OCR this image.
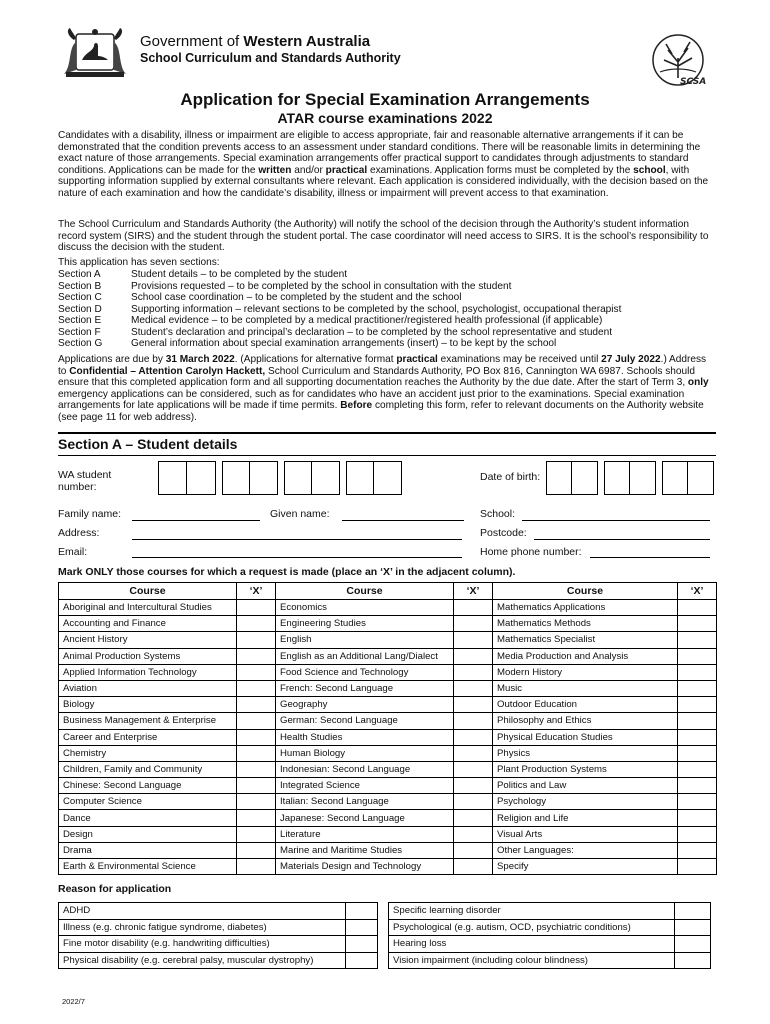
Government of Western Australia
School Curriculum and Standards Authority
SCSA
Application for Special Examination Arrangements
ATAR course examinations 2022

Candidates with a disability, illness or impairment are eligible to access appropriate, fair and reasonable alternative arrangements if it can be demonstrated that the condition prevents access to an assessment under standard conditions. There will be reasonable limits in determining the exact nature of those arrangements. Special examination arrangements offer practical support to candidates through adjustments to standard conditions. Applications can be made for the written and/or practical examinations. Application forms must be completed by the school, with supporting information supplied by external consultants where relevant. Each application is considered individually, with the decision based on the nature of each examination and how the candidate’s disability, illness or impairment will prevent access to that examination.

The School Curriculum and Standards Authority (the Authority) will notify the school of the decision through the Authority’s student information record system (SIRS) and the student through the student portal. The case coordinator will need access to SIRS. It is the school’s responsibility to discuss the decision with the student.
This application has seven sections:
Section A	Student details – to be completed by the student
Section B	Provisions requested – to be completed by the school in consultation with the student
Section C	School case coordination – to be completed by the student and the school
Section D	Supporting information – relevant sections to be completed by the school, psychologist, occupational therapist
Section E	Medical evidence – to be completed by a medical practitioner/registered health professional (if applicable)
Section F	Student’s declaration and principal’s declaration – to be completed by the school representative and student
Section G	General information about special examination arrangements (insert) – to be kept by the school

Applications are due by 31 March 2022. (Applications for alternative format practical examinations may be received until 27 July 2022.) Address to Confidential – Attention Carolyn Hackett, School Curriculum and Standards Authority, PO Box 816, Cannington WA 6987. Schools should ensure that this completed application form and all supporting documentation reaches the Authority by the due date. After the start of Term 3, only emergency applications can be considered, such as for candidates who have an accident just prior to the examinations. Special examination arrangements for late applications will be made if time permits. Before completing this form, refer to relevant documents on the Authority website (see page 11 for web address).

Section A – Student details
WA student
number:
Date of birth:
Family name:	Given name:	School:
Address:	Postcode:
Email:	Home phone number:
Mark ONLY those courses for which a request is made (place an ‘X’ in the adjacent column).
Course	‘X’	Course	‘X’	Course	‘X’
Aboriginal and Intercultural Studies		Economics		Mathematics Applications	
Accounting and Finance		Engineering Studies		Mathematics Methods	
Ancient History		English		Mathematics Specialist	
Animal Production Systems		English as an Additional Lang/Dialect		Media Production and Analysis	
Applied Information Technology		Food Science and Technology		Modern History	
Aviation		French: Second Language		Music	
Biology		Geography		Outdoor Education	
Business Management & Enterprise		German: Second Language		Philosophy and Ethics	
Career and Enterprise		Health Studies		Physical Education Studies	
Chemistry		Human Biology		Physics	
Children, Family and Community		Indonesian: Second Language		Plant Production Systems	
Chinese: Second Language		Integrated Science		Politics and Law	
Computer Science		Italian: Second Language		Psychology	
Dance		Japanese: Second Language		Religion and Life	
Design		Literature		Visual Arts	
Drama		Marine and Maritime Studies		Other Languages:	
Earth & Environmental Science		Materials Design and Technology		Specify	
Reason for application
ADHD	
Illness (e.g. chronic fatigue syndrome, diabetes)	
Fine motor disability (e.g. handwriting difficulties)	
Physical disability (e.g. cerebral palsy, muscular dystrophy)	
Specific learning disorder	
Psychological (e.g. autism, OCD, psychiatric conditions)	
Hearing loss	
Vision impairment (including colour blindness)	
2022/7
